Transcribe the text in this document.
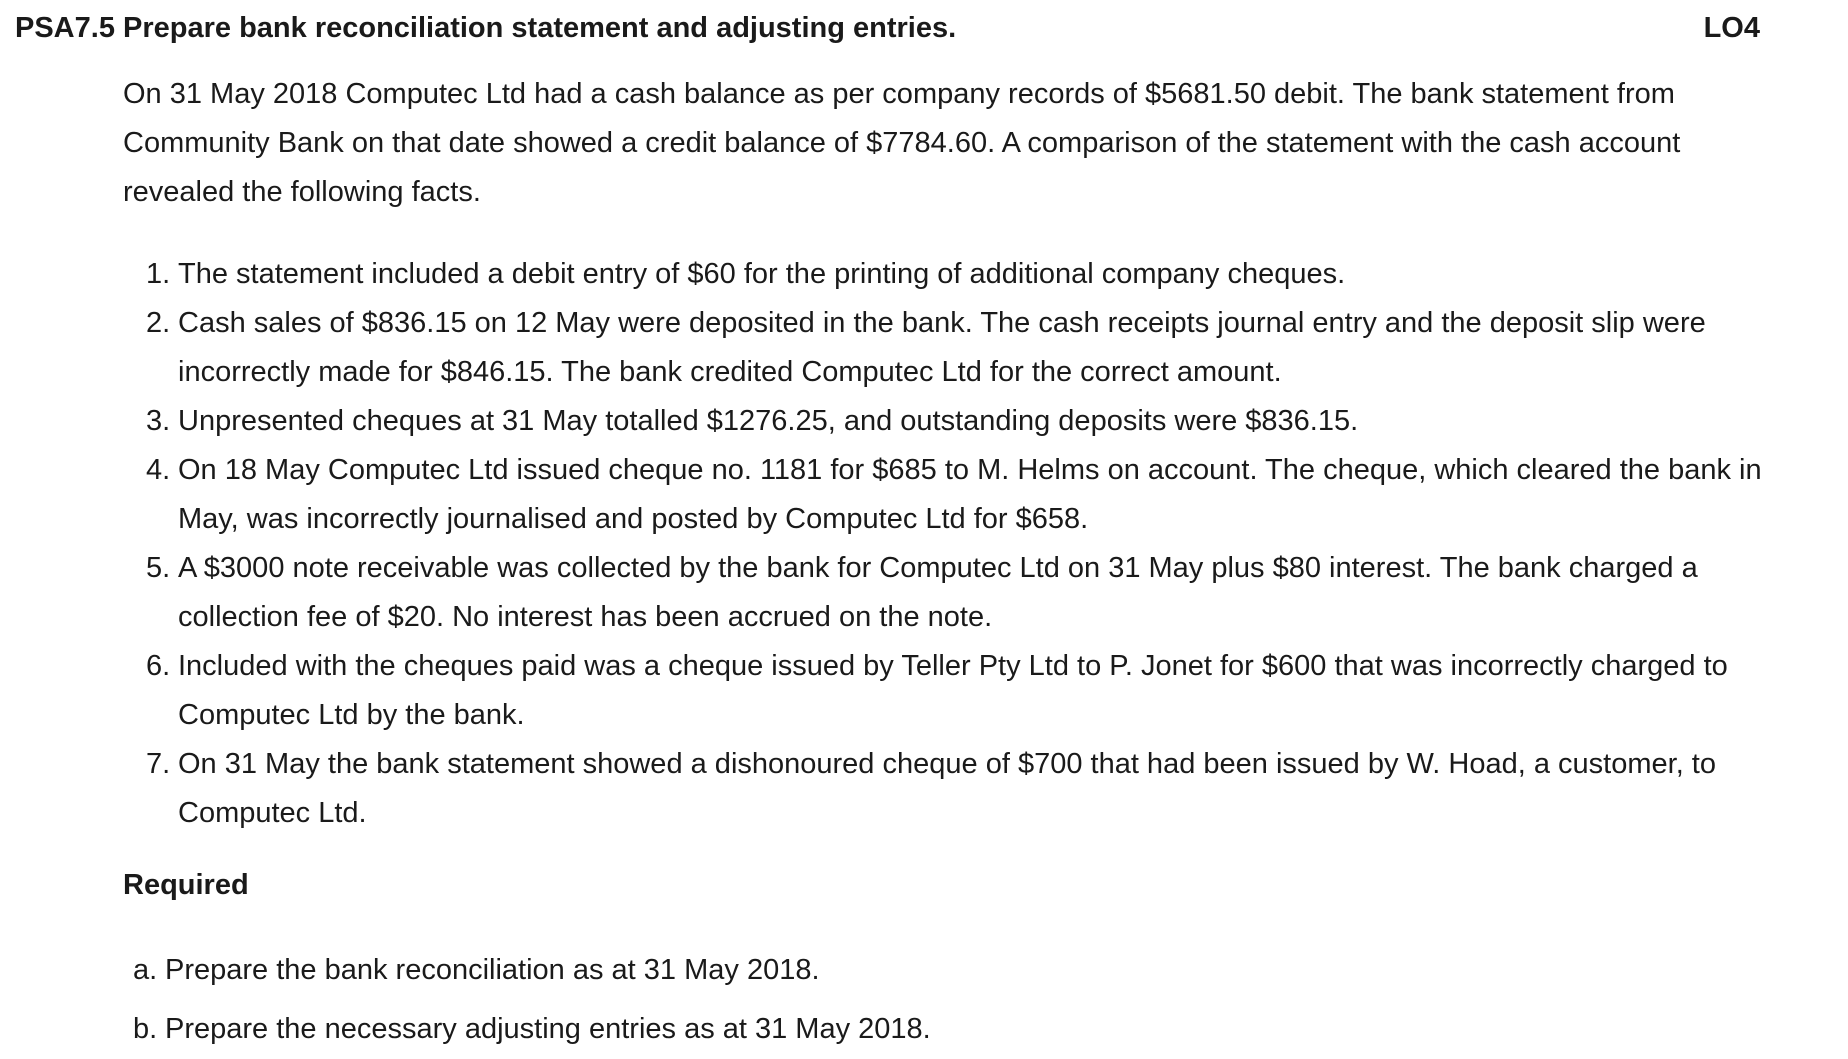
PSA7.5 Prepare bank reconciliation statement and adjusting entries.	LO4

On 31 May 2018 Computec Ltd had a cash balance as per company records of $5681.50 debit. The bank statement from Community Bank on that date showed a credit balance of $7784.60. A comparison of the statement with the cash account revealed the following facts.

1. The statement included a debit entry of $60 for the printing of additional company cheques.
2. Cash sales of $836.15 on 12 May were deposited in the bank. The cash receipts journal entry and the deposit slip were incorrectly made for $846.15. The bank credited Computec Ltd for the correct amount.
3. Unpresented cheques at 31 May totalled $1276.25, and outstanding deposits were $836.15.
4. On 18 May Computec Ltd issued cheque no. 1181 for $685 to M. Helms on account. The cheque, which cleared the bank in May, was incorrectly journalised and posted by Computec Ltd for $658.
5. A $3000 note receivable was collected by the bank for Computec Ltd on 31 May plus $80 interest. The bank charged a collection fee of $20. No interest has been accrued on the note.
6. Included with the cheques paid was a cheque issued by Teller Pty Ltd to P. Jonet for $600 that was incorrectly charged to Computec Ltd by the bank.
7. On 31 May the bank statement showed a dishonoured cheque of $700 that had been issued by W. Hoad, a customer, to Computec Ltd.

Required

a. Prepare the bank reconciliation as at 31 May 2018.
b. Prepare the necessary adjusting entries as at 31 May 2018.
